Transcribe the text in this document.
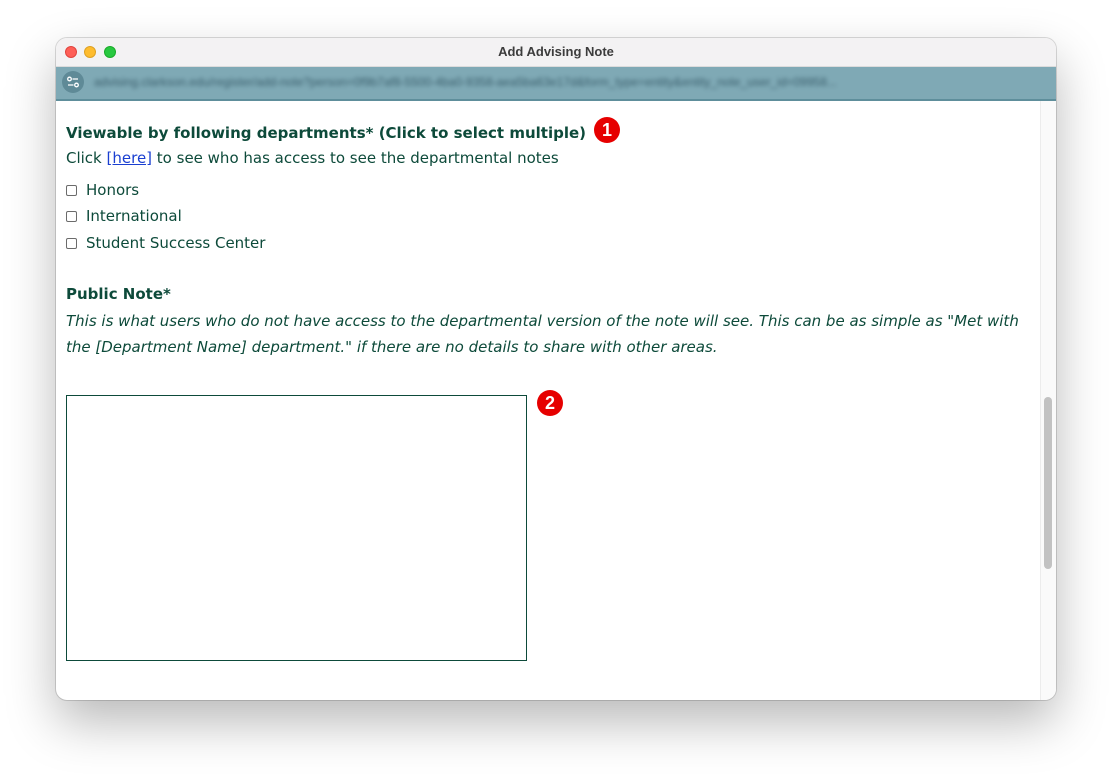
Add Advising Note
advising.clarkson.edu/register/add-note?person=0f9b7af8-5500-4ba0-9358-aea5ba63e17d&form_type=entity&entity_note_user_id=09958...
Viewable by following departments* (Click to select multiple) 1
Click [here] to see who has access to see the departmental notes
Honors
International
Student Success Center
Public Note*
This is what users who do not have access to the departmental version of the note will see. This can be as simple as "Met with the [Department Name] department." if there are no details to share with other areas.
2
